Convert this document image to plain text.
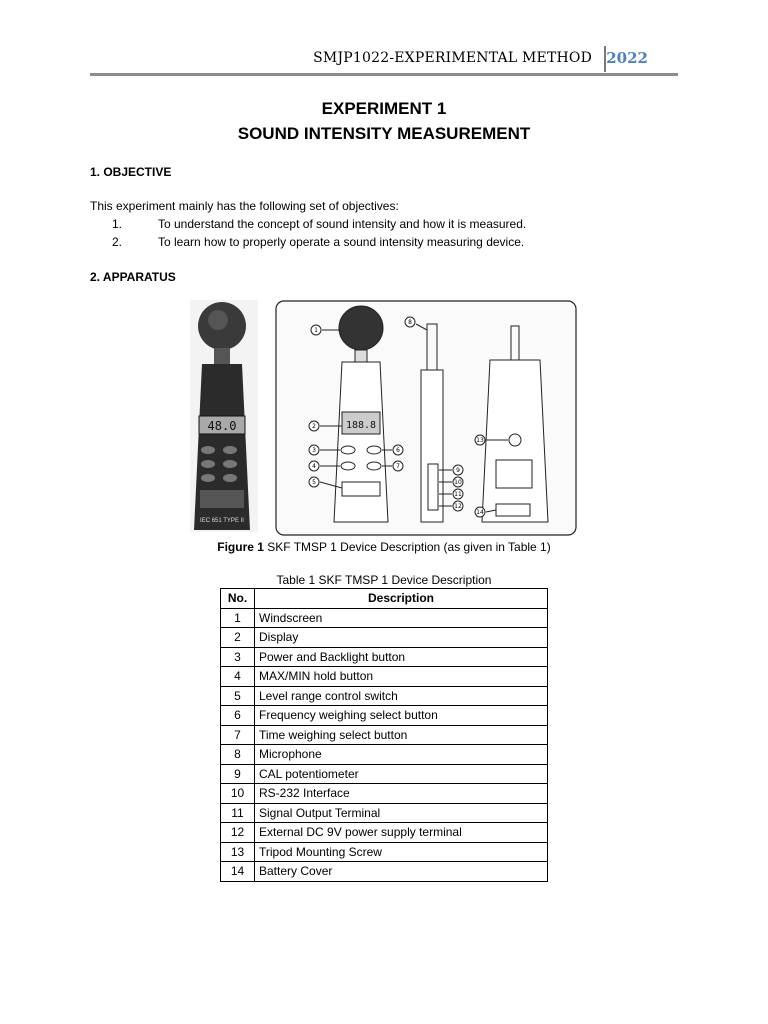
SMJP1022-EXPERIMENTAL METHOD 2022
EXPERIMENT 1
SOUND INTENSITY MEASUREMENT
1. OBJECTIVE
This experiment mainly has the following set of objectives:
1.	To understand the concept of sound intensity and how it is measured.
2.	To learn how to properly operate a sound intensity measuring device.
2. APPARATUS
48.0
IEC 651 TYPE II
188.8
1
2
3
4
5
6
7
8
9
10
11
12
13
14
Figure 1 SKF TMSP 1 Device Description (as given in Table 1)
Table 1 SKF TMSP 1 Device Description
No.	Description
1	Windscreen
2	Display
3	Power and Backlight button
4	MAX/MIN hold button
5	Level range control switch
6	Frequency weighing select button
7	Time weighing select button
8	Microphone
9	CAL potentiometer
10	RS-232 Interface
11	Signal Output Terminal
12	External DC 9V power supply terminal
13	Tripod Mounting Screw
14	Battery Cover
